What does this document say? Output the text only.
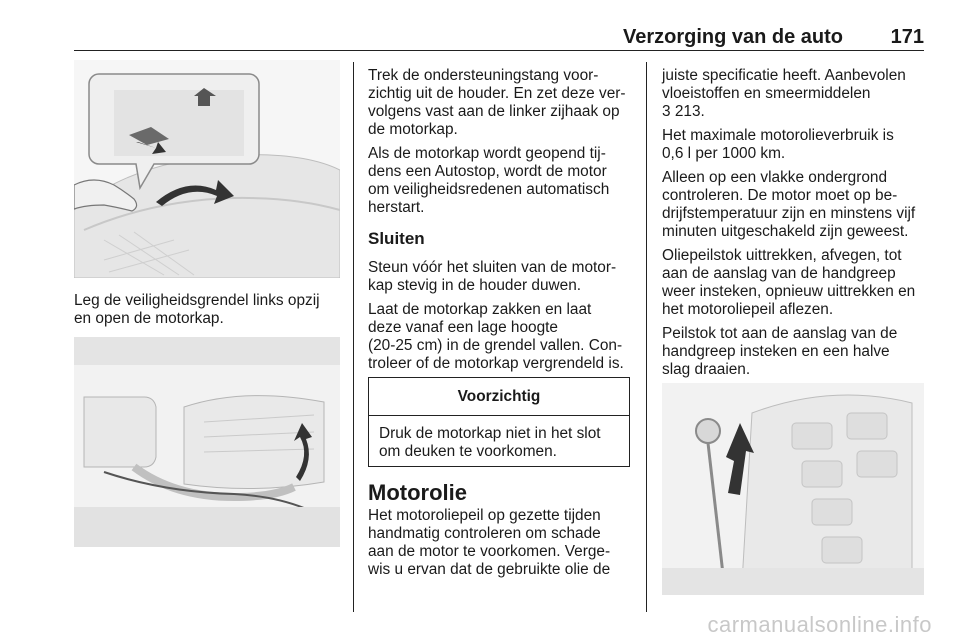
Verzorging van de auto 171
Leg de veiligheidsgrendel links opzij
en open de motorkap.
Trek de ondersteuningstang voor-
zichtig uit de houder. En zet deze ver-
volgens vast aan de linker zijhaak op
de motorkap.
Als de motorkap wordt geopend tij-
dens een Autostop, wordt de motor
om veiligheidsredenen automatisch
herstart.
Sluiten
Steun vóór het sluiten van de motor-
kap stevig in de houder duwen.
Laat de motorkap zakken en laat
deze vanaf een lage hoogte
(20-25 cm) in de grendel vallen. Con-
troleer of de motorkap vergrendeld is.
Voorzichtig
Druk de motorkap niet in het slot
om deuken te voorkomen.
Motorolie
Het motoroliepeil op gezette tijden
handmatig controleren om schade
aan de motor te voorkomen. Verge-
wis u ervan dat de gebruikte olie de
juiste specificatie heeft. Aanbevolen
vloeistoffen en smeermiddelen
3 213.
Het maximale motorolieverbruik is
0,6 l per 1000 km.
Alleen op een vlakke ondergrond
controleren. De motor moet op be-
drijfstemperatuur zijn en minstens vijf
minuten uitgeschakeld zijn geweest.
Oliepeilstok uittrekken, afvegen, tot
aan de aanslag van de handgreep
weer insteken, opnieuw uittrekken en
het motoroliepeil aflezen.
Peilstok tot aan de aanslag van de
handgreep insteken en een halve
slag draaien.
carmanualsonline.info
